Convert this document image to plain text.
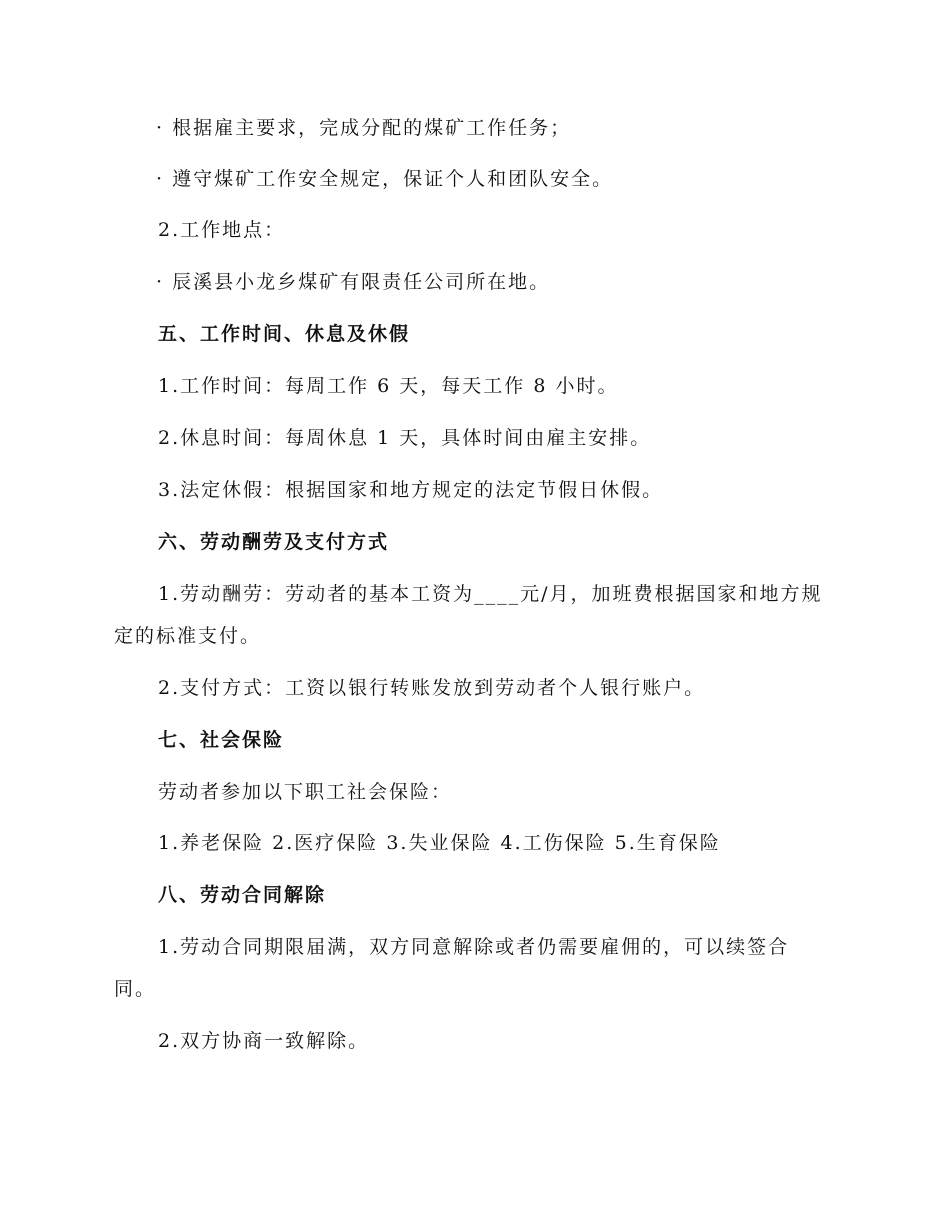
· 根据雇主要求，完成分配的煤矿工作任务；
· 遵守煤矿工作安全规定，保证个人和团队安全。
2.工作地点：
· 辰溪县小龙乡煤矿有限责任公司所在地。
五、工作时间、休息及休假
1.工作时间：每周工作 6 天，每天工作 8 小时。
2.休息时间：每周休息 1 天，具体时间由雇主安排。
3.法定休假：根据国家和地方规定的法定节假日休假。
六、劳动酬劳及支付方式
1.劳动酬劳：劳动者的基本工资为____元/月，加班费根据国家和地方规
定的标准支付。
2.支付方式：工资以银行转账发放到劳动者个人银行账户。
七、社会保险
劳动者参加以下职工社会保险：
1.养老保险 2.医疗保险 3.失业保险 4.工伤保险 5.生育保险
八、劳动合同解除
1.劳动合同期限届满，双方同意解除或者仍需要雇佣的，可以续签合
同。
2.双方协商一致解除。
